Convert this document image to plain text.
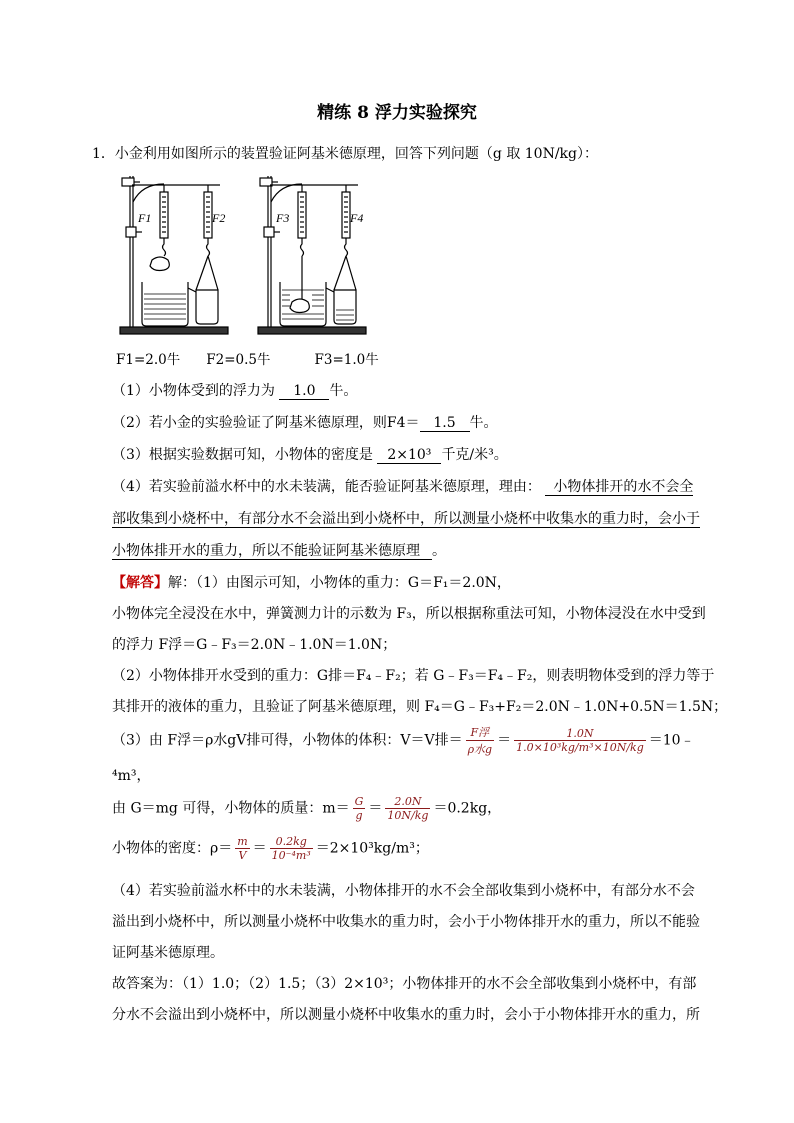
精练 8 浮力实验探究
1．小金利用如图所示的装置验证阿基米德原理，回答下列问题（g 取 10N/kg）：
F1	F2	F3	F4
F1=2.0牛 F2=0.5牛	F3=1.0牛
（1）小物体受到的浮力为 1.0 牛。
（2）若小金的实验验证了阿基米德原理，则F4＝ 1.5 牛。
（3）根据实验数据可知，小物体的密度是 2×10³ 千克/米³。
（4）若实验前溢水杯中的水未装满，能否验证阿基米德原理，理由： 小物体排开的水不会全
部收集到小烧杯中，有部分水不会溢出到小烧杯中，所以测量小烧杯中收集水的重力时，会小于
小物体排开水的重力，所以不能验证阿基米德原理 。
【解答】解：（1）由图示可知，小物体的重力：G＝F₁＝2.0N，
小物体完全浸没在水中，弹簧测力计的示数为 F₃，所以根据称重法可知，小物体浸没在水中受到
的浮力 F浮＝G﹣F₃＝2.0N﹣1.0N＝1.0N；
（2）小物体排开水受到的重力：G排＝F₄﹣F₂；若 G﹣F₃＝F₄﹣F₂，则表明物体受到的浮力等于
其排开的液体的重力，且验证了阿基米德原理，则 F₄＝G﹣F₃+F₂＝2.0N﹣1.0N+0.5N＝1.5N；
（3）由 F浮＝ρ水gV排可得，小物体的体积：V＝V排＝ $\frac{\text{F浮}}{\text{ρ水g}} = \frac{1.0N}{\text{1.0×10³kg/m³×10N/kg}}$ ＝10﹣
⁴m³，
由 G＝mg 可得，小物体的质量：$m= \frac{G}{g} = \frac{2.0N}{10N/kg} =0.2kg$，
小物体的密度：$\rho= \frac{m}{V} = \frac{0.2kg}{\text{10⁻⁴m³}} =2\times 10^3kg/m^3$；
（4）若实验前溢水杯中的水未装满，小物体排开的水不会全部收集到小烧杯中，有部分水不会
溢出到小烧杯中，所以测量小烧杯中收集水的重力时，会小于小物体排开水的重力，所以不能验
证阿基米德原理。
故答案为：（1）1.0；（2）1.5；（3）2×10³；小物体排开的水不会全部收集到小烧杯中，有部
分水不会溢出到小烧杯中，所以测量小烧杯中收集水的重力时，会小于小物体排开水的重力，所
